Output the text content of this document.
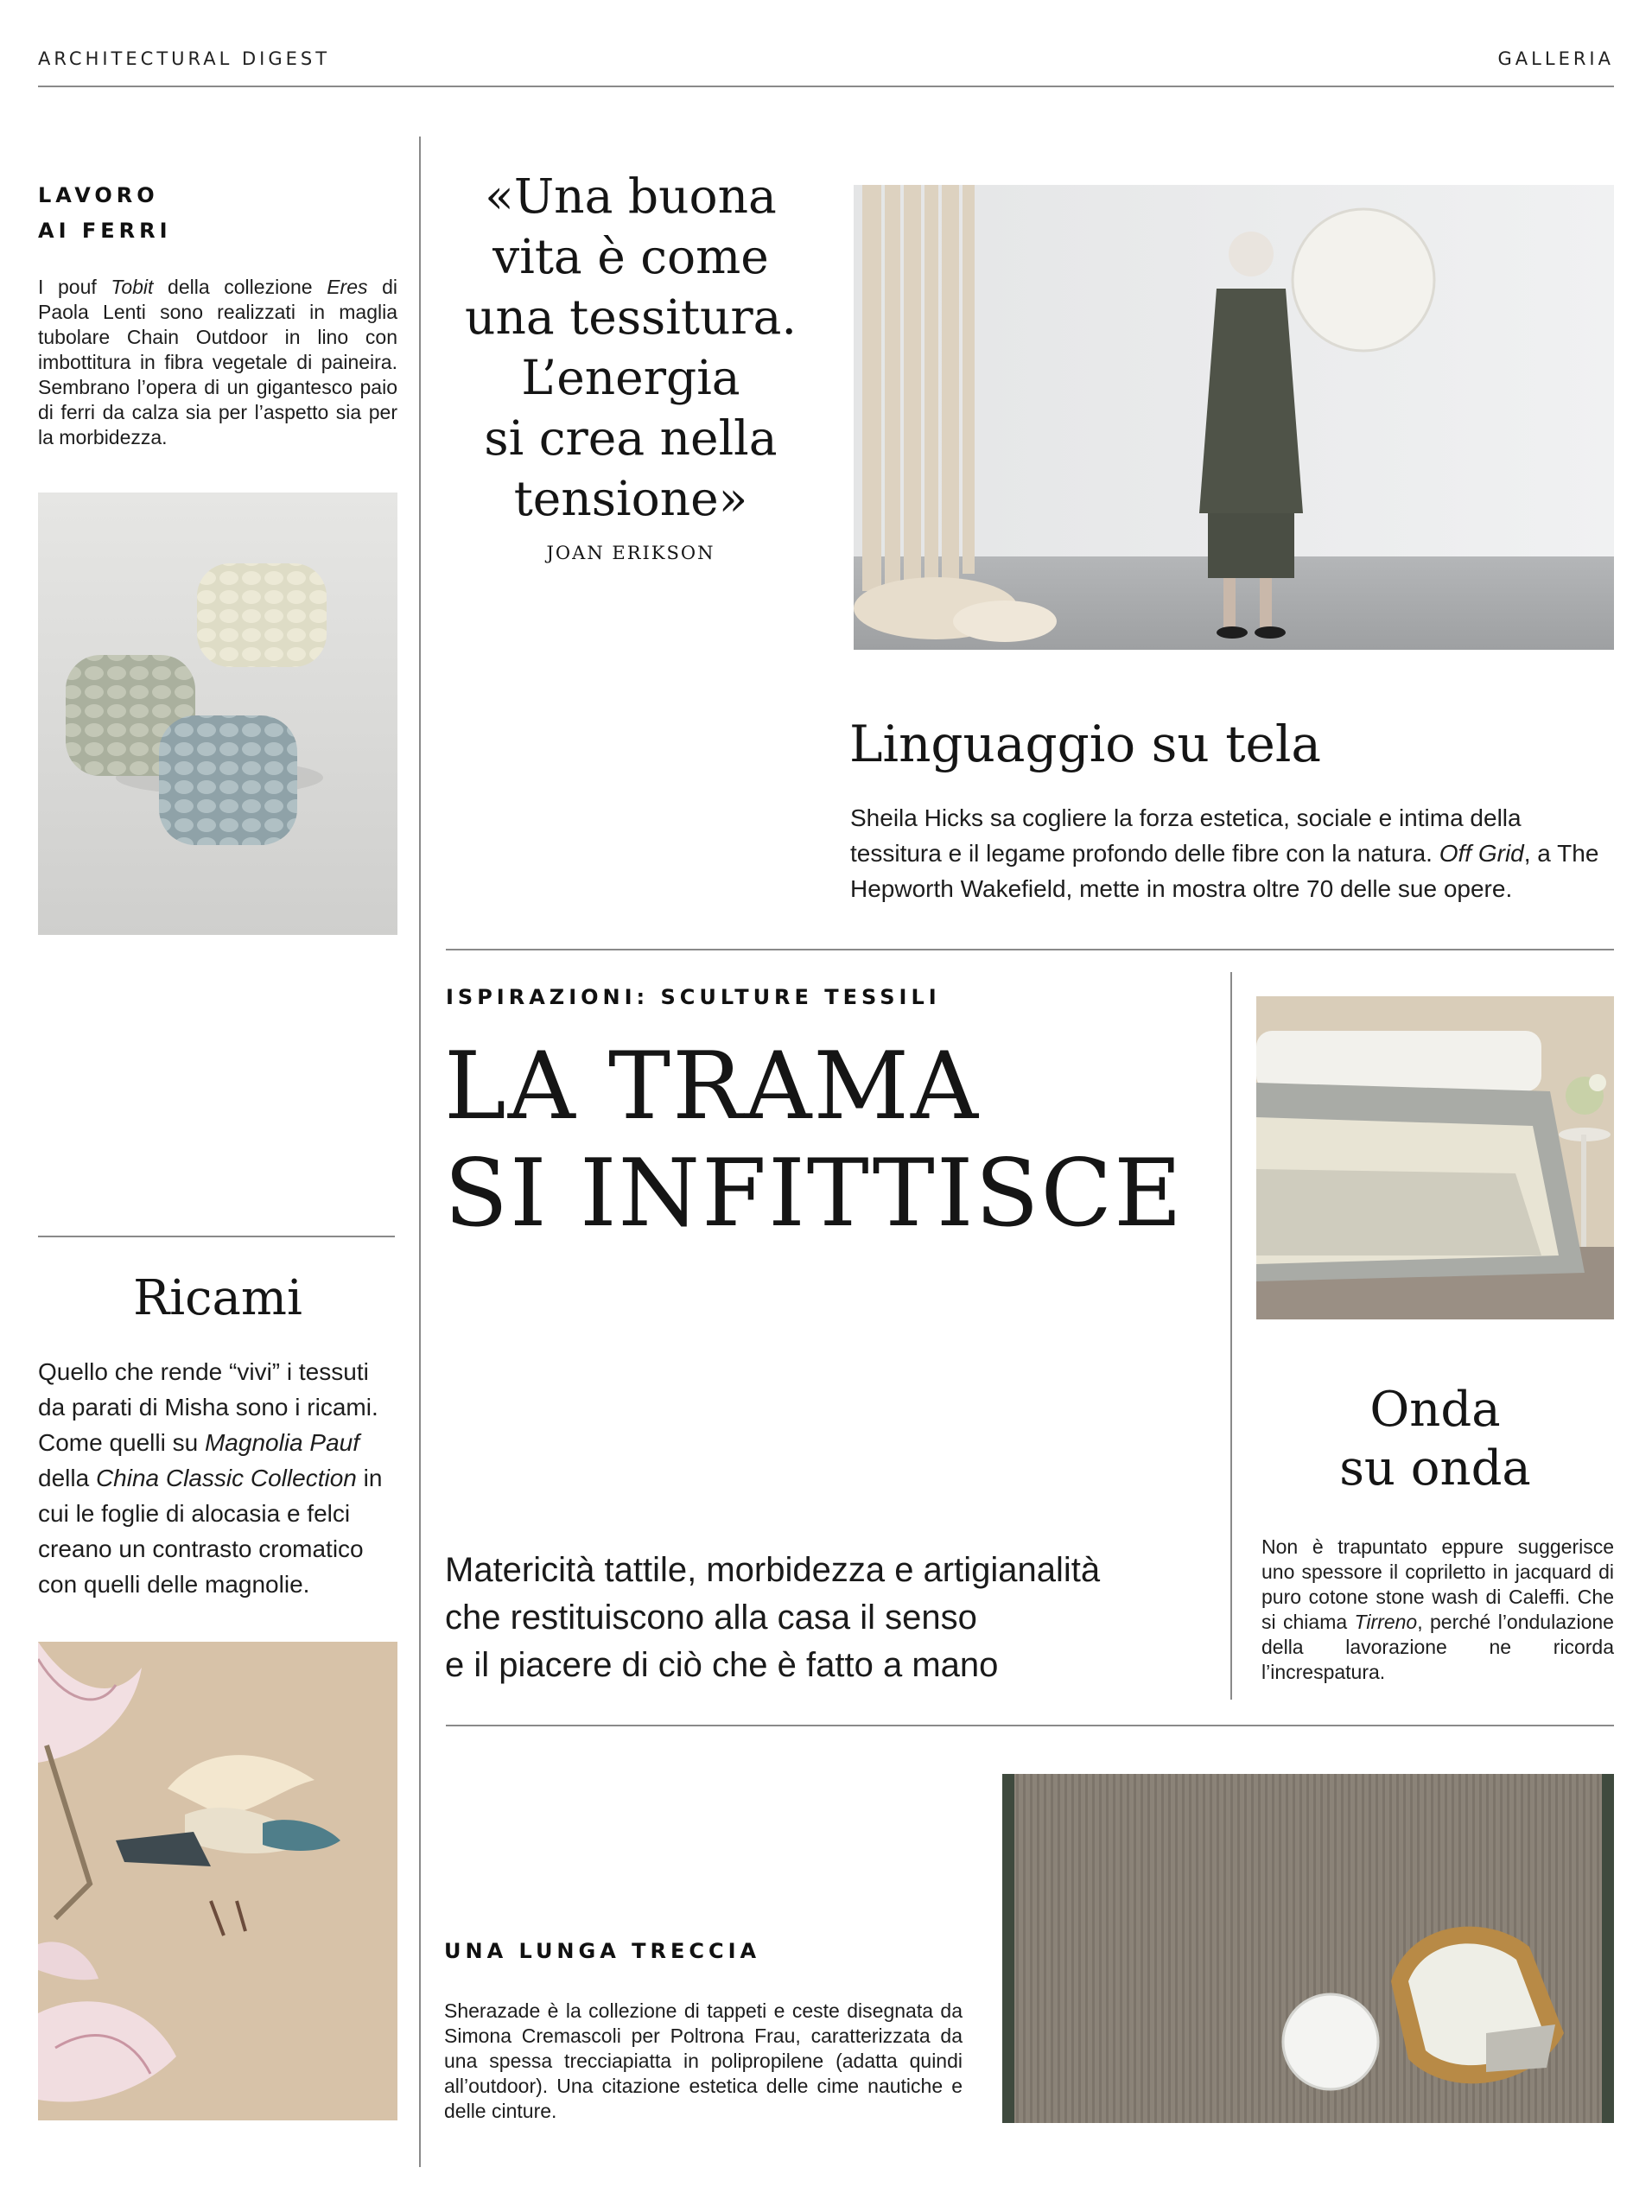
ARCHITECTURAL DIGEST	GALLERIA
LAVORO
AI FERRI
I pouf Tobit della collezione Eres di Paola Lenti sono realizzati in maglia tubolare Chain Outdoor in lino con imbottitura in fibra vegetale di paineira. Sembrano l’opera di un gigantesco paio di ferri da calza sia per l’aspetto sia per la morbidezza.
«Una buona
vita è come
una tessitura.
L’energia
si crea nella
tensione»
JOAN ERIKSON
Linguaggio su tela
Sheila Hicks sa cogliere la forza estetica, sociale e intima della tessitura e il legame profondo delle fibre con la natura. Off Grid, a The Hepworth Wakefield, mette in mostra oltre 70 delle sue opere.
ISPIRAZIONI: SCULTURE TESSILI
LA TRAMA
SI INFITTISCE
Matericità tattile, morbidezza e artigianalità
che restituiscono alla casa il senso
e il piacere di ciò che è fatto a mano
Onda
su onda
Non è trapuntato eppure suggerisce uno spessore il copriletto in jacquard di puro cotone stone wash di Caleffi. Che si chiama Tirreno, perché l’ondulazione della lavorazione ne ricorda l’increspatura.
Ricami
Quello che rende “vivi” i tessuti da parati di Misha sono i ricami. Come quelli su Magnolia Pauf della China Classic Collection in cui le foglie di alocasia e felci creano un contrasto cromatico con quelli delle magnolie.
UNA LUNGA TRECCIA
Sherazade è la collezione di tappeti e ceste disegnata da Simona Cremascoli per Poltrona Frau, caratterizzata da una spessa trecciapiatta in polipropilene (adatta quindi all’outdoor). Una citazione estetica delle cime nautiche e delle cinture.
